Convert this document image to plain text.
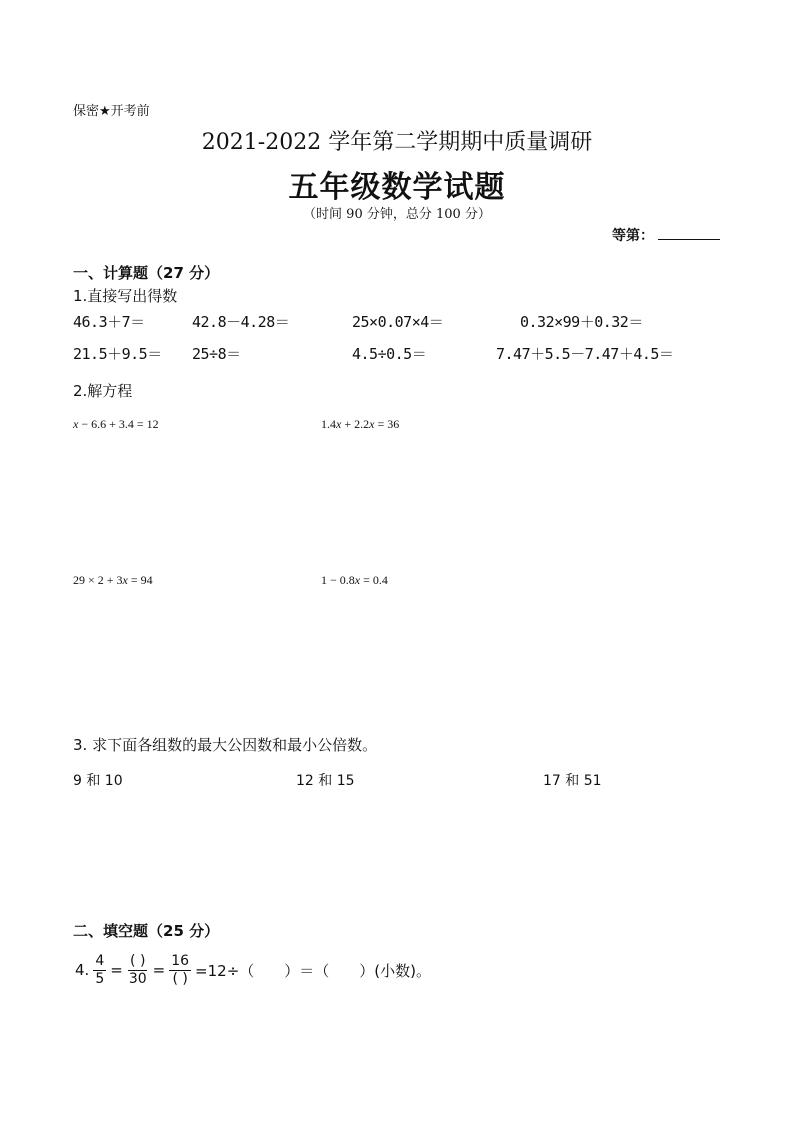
保密★开考前
2021-2022 学年第二学期期中质量调研
五年级数学试题
（时间 90 分钟，总分 100 分）
等第：
一、计算题（27 分）
1.直接写出得数
46.3＋7＝	42.8－4.28＝	25×0.07×4＝	0.32×99＋0.32＝
21.5＋9.5＝ 25÷8＝	4.5÷0.5＝	7.47＋5.5－7.47＋4.5＝
2.解方程
x − 6.6 + 3.4 = 12	1.4x + 2.2x = 36
29 × 2 + 3x = 94	1 − 0.8x = 0.4
3. 求下面各组数的最大公因数和最小公倍数。
9 和 10	12 和 15	17 和 51
二、填空题（25 分）
4. $\frac{4}{5} = \frac{( )}{30} = \frac{16}{( )} =12\div$（　　）＝（　　）(小数)。
